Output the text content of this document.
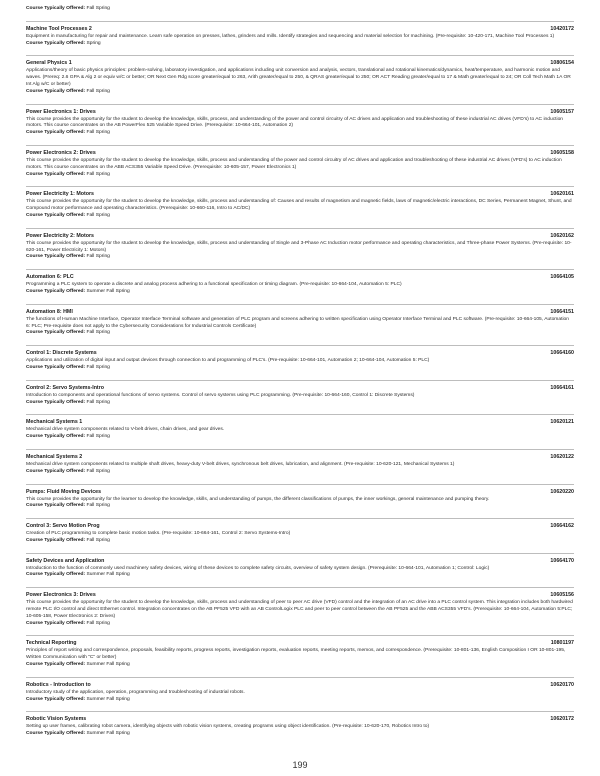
Course Typically Offered: Fall Spring
Machine Tool Processes 2	10420172
Equipment in manufacturing for repair and maintenance. Learn safe operation on presses, lathes, grinders and mills. Identify strategies and sequencing and material selection for machining. (Pre-requisite: 10-420-171, Machine Tool Processes 1)
Course Typically Offered: Spring
General Physics 1	10806154
Applications/theory of basic physics principles: problem-solving, laboratory investigation, and applications including unit conversion and analysis, vectors, translational and rotational kinematics/dynamics, heat/temperature, and harmonic motion and waves. (Prereq: 2.6 GPA & Alg 2 or equiv w/C or better; OR Next Gen Rdg score greater/equal to 263, Arith greater/equal to 250, & QRAS greater/equal to 250; OR ACT Reading greater/equal to 17 & Math greater/equal to 24; OR Coll Tech Math 1A OR Int Alg w/C or better)
Course Typically Offered: Fall Spring
Power Electronics 1: Drives	10605157
This course provides the opportunity for the student to develop the knowledge, skills, process, and understanding of the power and control circuitry of AC drives and application and troubleshooting of these industrial AC drives (VFD's) to AC induction motors. This course concentrates on the AB PowerFlex 525 Variable Speed Drive. (Prerequisite: 10-664-101, Automation 2)
Course Typically Offered: Fall Spring
Power Electronics 2: Drives	10605158
This course provides the opportunity for the student to develop the knowledge, skills, process and understanding of the power and control circuitry of AC drives and application and troubleshooting of these industrial AC drives (VFD's) to AC induction motors. This course concentrates on the ABB ACS355 Variable Speed Drive. (Prerequisite: 10-605-157, Power Electronics 1)
Course Typically Offered: Fall Spring
Power Electricity 1: Motors	10620161
This course provides the opportunity for the student to develop the knowledge, skills, process and understanding of: Causes and results of magnetism and magnetic fields, laws of magnetic/electric interactions, DC Series, Permanent Magnet, Shunt, and Compound motor performance and operating characteristics. (Prerequisite: 10-660-116, Intro to AC/DC)
Course Typically Offered: Fall Spring
Power Electricity 2: Motors	10620162
This course provides the opportunity for the student to develop the knowledge, skills, process and understanding of Single and 3-Phase AC Induction motor performance and operating characteristics, and Three-phase Power Systems. (Pre-requisite: 10-620-161, Power Electricity 1: Motors)
Course Typically Offered: Fall Spring
Automation 6: PLC	10664105
Programming a PLC system to operate a discrete and analog process adhering to a functional specification or timing diagram. (Pre-requisite: 10-664-104, Automation 5: PLC)
Course Typically Offered: Summer Fall Spring
Automation 8: HMI	10664151
The functions of Human Machine Interface, Operator Interface Terminal software and generation of PLC program and screens adhering to written specification using Operator Interface Terminal and PLC software. (Pre-requisite: 10-664-105, Automation 6: PLC; Pre-requisite does not apply to the Cybersecurity Considerations for Industrial Controls Certificate)
Course Typically Offered: Fall Spring
Control 1: Discrete Systems	10664160
Applications and utilization of digital input and output devices through connection to and programming of PLC's. (Pre-requisite: 10-664-101, Automation 2; 10-664-104, Automation 5: PLC)
Course Typically Offered: Fall Spring
Control 2: Servo Systems-Intro	10664161
Introduction to components and operational functions of servo systems. Control of servo systems using PLC programming. (Pre-requisite: 10-664-160, Control 1: Discrete Systems)
Course Typically Offered: Fall Spring
Mechanical Systems 1	10620121
Mechanical drive system components related to V-belt drives, chain drives, and gear drives.
Course Typically Offered: Fall Spring
Mechanical Systems 2	10620122
Mechanical drive system components related to multiple shaft drives, heavy-duty V-belt drives, synchronous belt drives, lubrication, and alignment. (Pre-requisite: 10-620-121, Mechanical Systems 1)
Course Typically Offered: Fall Spring
Pumps: Fluid Moving Devices	10620220
This course provides the opportunity for the learner to develop the knowledge, skills, and understanding of pumps, the different classifications of pumps, the inner workings, general maintenance and pumping theory.
Course Typically Offered: Fall Spring
Control 3: Servo Motion Prog	10664162
Creation of PLC programming to complete basic motion tasks. (Pre-requisite: 10-664-161, Control 2: Servo Systems-Intro)
Course Typically Offered: Fall Spring
Safety Devices and Application	10664170
Introduction to the function of commonly used machinery safety devices, wiring of these devices to complete safety circuits, overview of safety system design. (Prerequisite: 10-664-101, Automation 1; Control: Logic)
Course Typically Offered: Summer Fall Spring
Power Electronics 3: Drives	10605156
This course provides the opportunity for the student to develop the knowledge, skills, process and understanding of peer to peer AC drive (VFD) control and the integration of an AC drive into a PLC control system. This integration includes both hardwired remote PLC I/O control and direct Ethernet control. Integration concentrates on the AB PF525 VFD with an AB ControlLogix PLC and peer to peer control between the AB PF525 and the ABB ACS355 VFD's. (Prerequisite: 10-664-104, Automation 5:PLC; 10-605-158, Power Electronics 2: Drives)
Course Typically Offered: Fall Spring
Technical Reporting	10801197
Principles of report writing and correspondence, proposals, feasibility reports, progress reports, investigation reports, evaluation reports, meeting reports, memos, and correspondence. (Prerequisite: 10-801-136, English Composition I OR 10-801-195, Written Communication with "C" or better)
Course Typically Offered: Summer Fall Spring
Robotics - Introduction to	10620170
Introductory study of the application, operation, programming and troubleshooting of industrial robots.
Course Typically Offered: Summer Fall Spring
Robotic Vision Systems	10620172
Setting up user frames, calibrating robot camera, identifying objects with robotic vision systems, creating programs using object identification. (Pre-requisite: 10-620-170, Robotics Intro to)
Course Typically Offered: Summer Fall Spring
199
